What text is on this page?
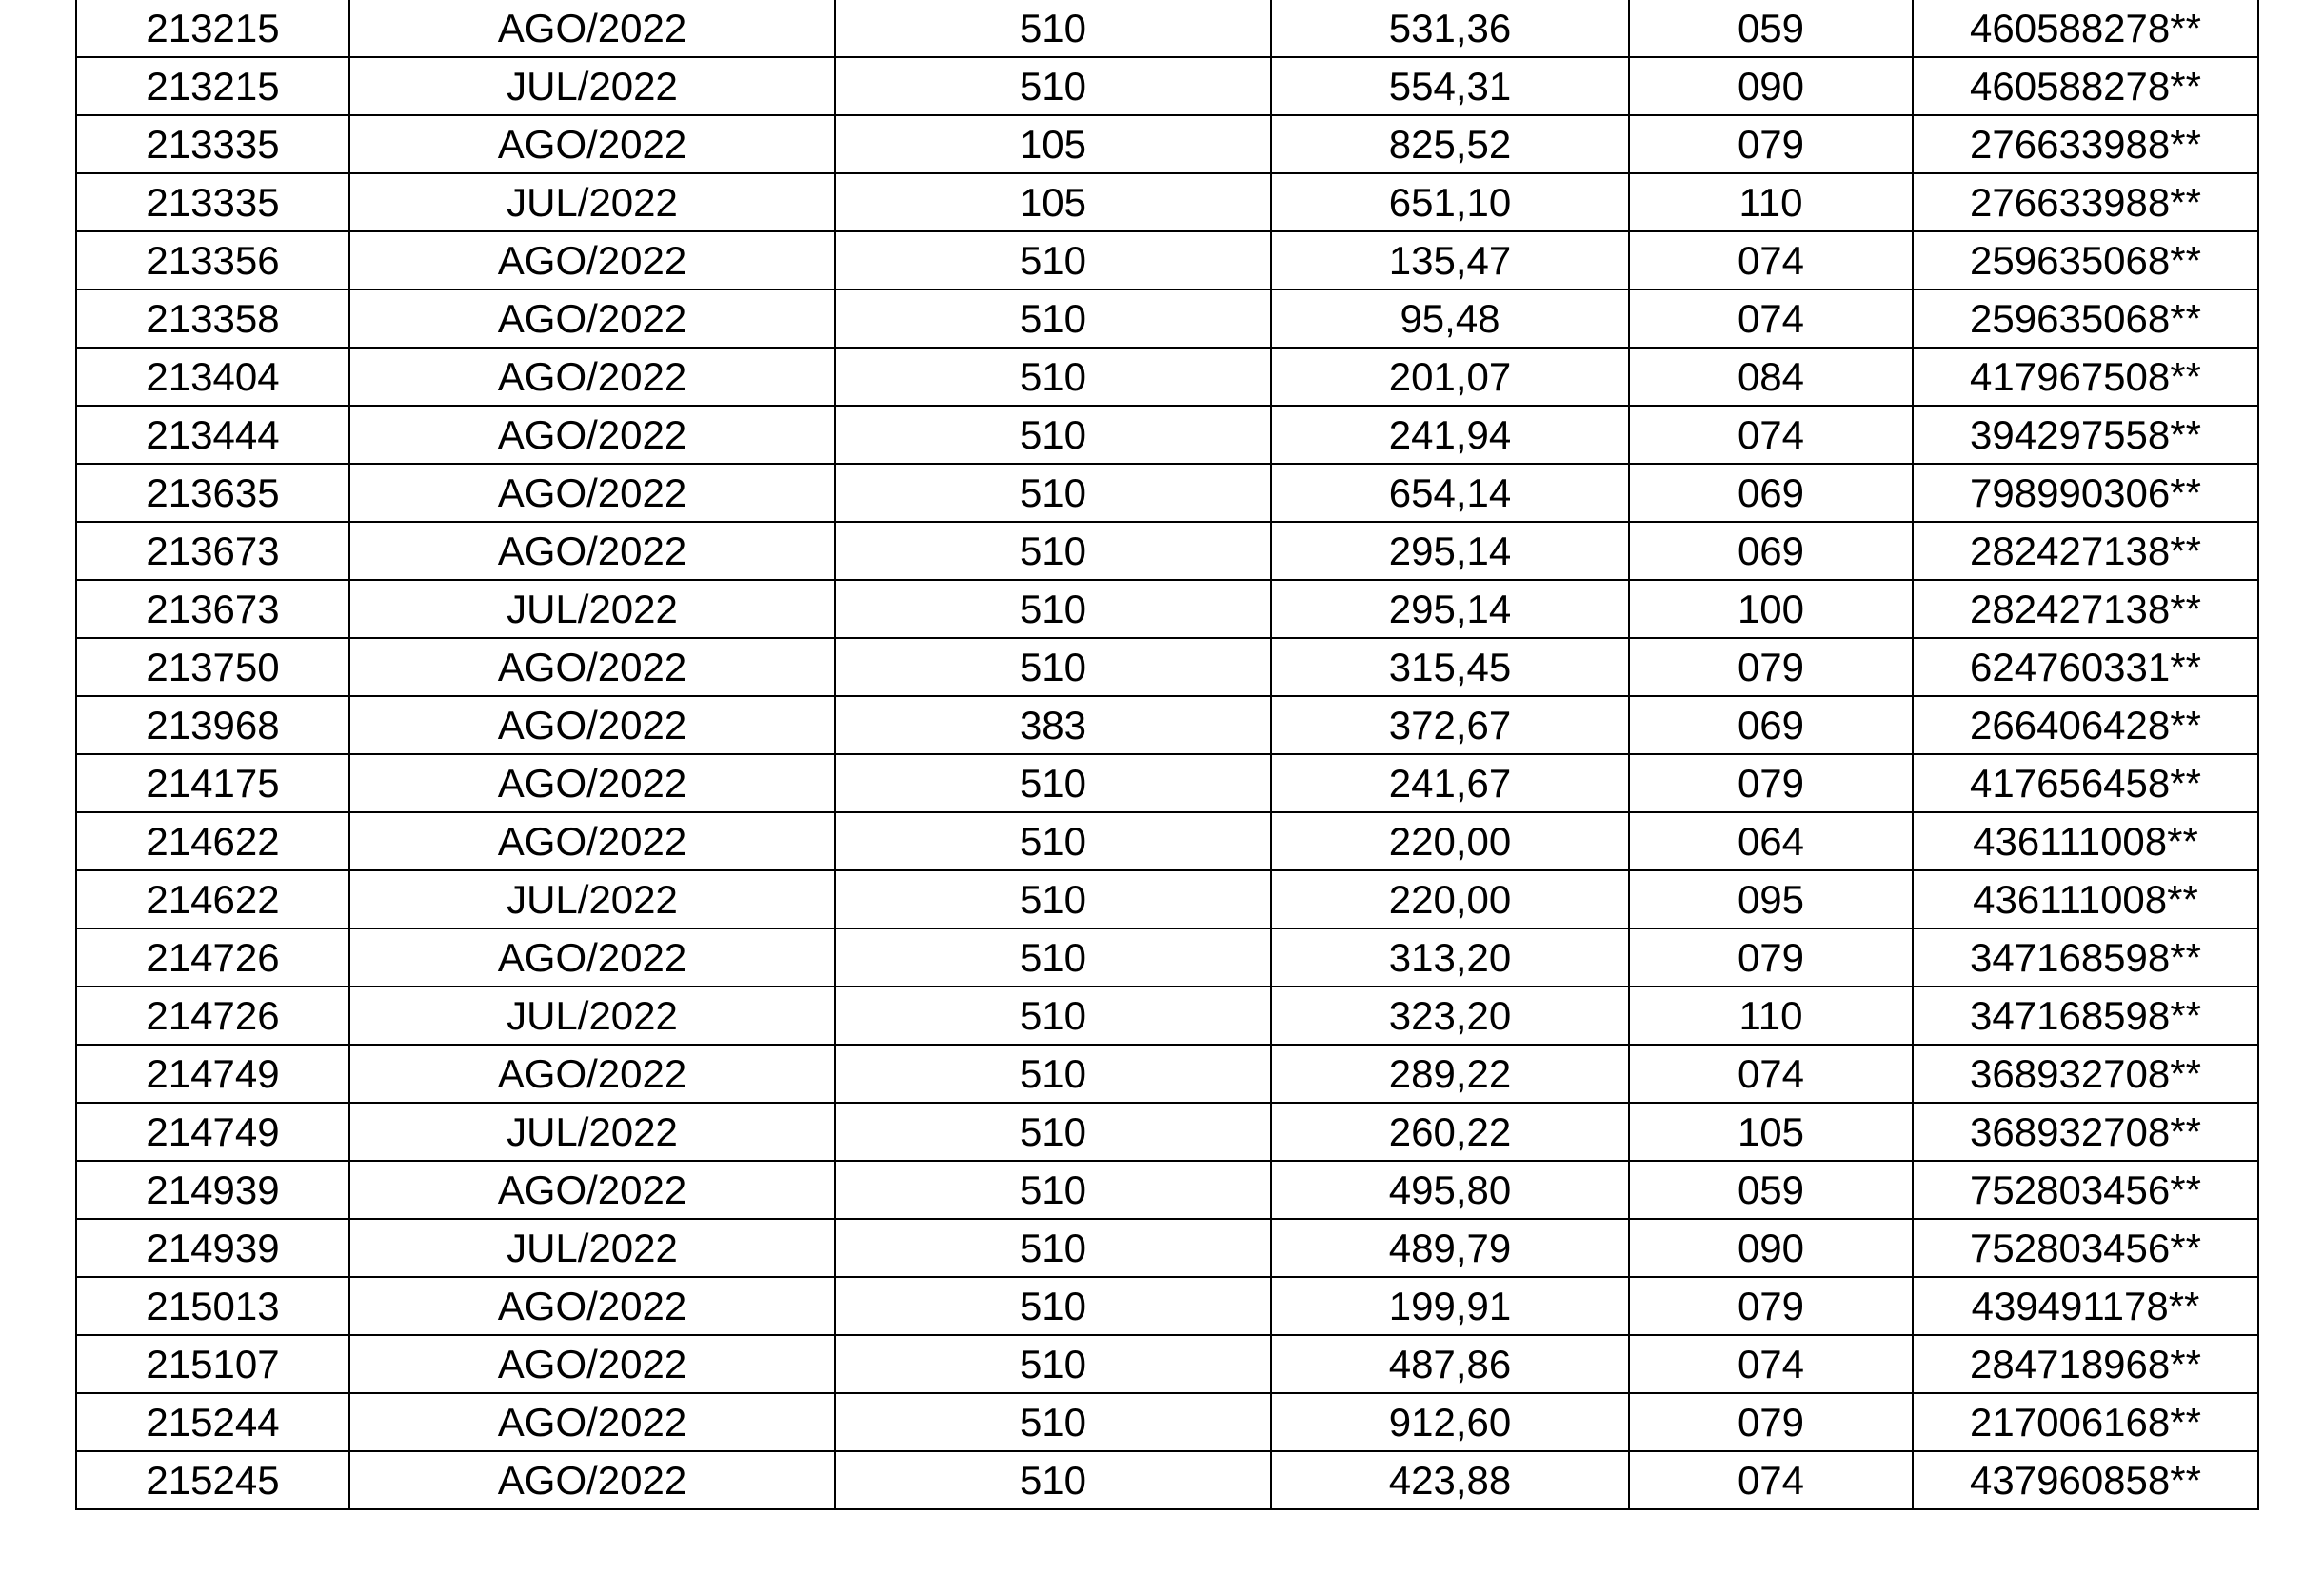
213215	AGO/2022	510	531,36	059	460588278**
213215	JUL/2022	510	554,31	090	460588278**
213335	AGO/2022	105	825,52	079	276633988**
213335	JUL/2022	105	651,10	110	276633988**
213356	AGO/2022	510	135,47	074	259635068**
213358	AGO/2022	510	95,48	074	259635068**
213404	AGO/2022	510	201,07	084	417967508**
213444	AGO/2022	510	241,94	074	394297558**
213635	AGO/2022	510	654,14	069	798990306**
213673	AGO/2022	510	295,14	069	282427138**
213673	JUL/2022	510	295,14	100	282427138**
213750	AGO/2022	510	315,45	079	624760331**
213968	AGO/2022	383	372,67	069	266406428**
214175	AGO/2022	510	241,67	079	417656458**
214622	AGO/2022	510	220,00	064	436111008**
214622	JUL/2022	510	220,00	095	436111008**
214726	AGO/2022	510	313,20	079	347168598**
214726	JUL/2022	510	323,20	110	347168598**
214749	AGO/2022	510	289,22	074	368932708**
214749	JUL/2022	510	260,22	105	368932708**
214939	AGO/2022	510	495,80	059	752803456**
214939	JUL/2022	510	489,79	090	752803456**
215013	AGO/2022	510	199,91	079	439491178**
215107	AGO/2022	510	487,86	074	284718968**
215244	AGO/2022	510	912,60	079	217006168**
215245	AGO/2022	510	423,88	074	437960858**
